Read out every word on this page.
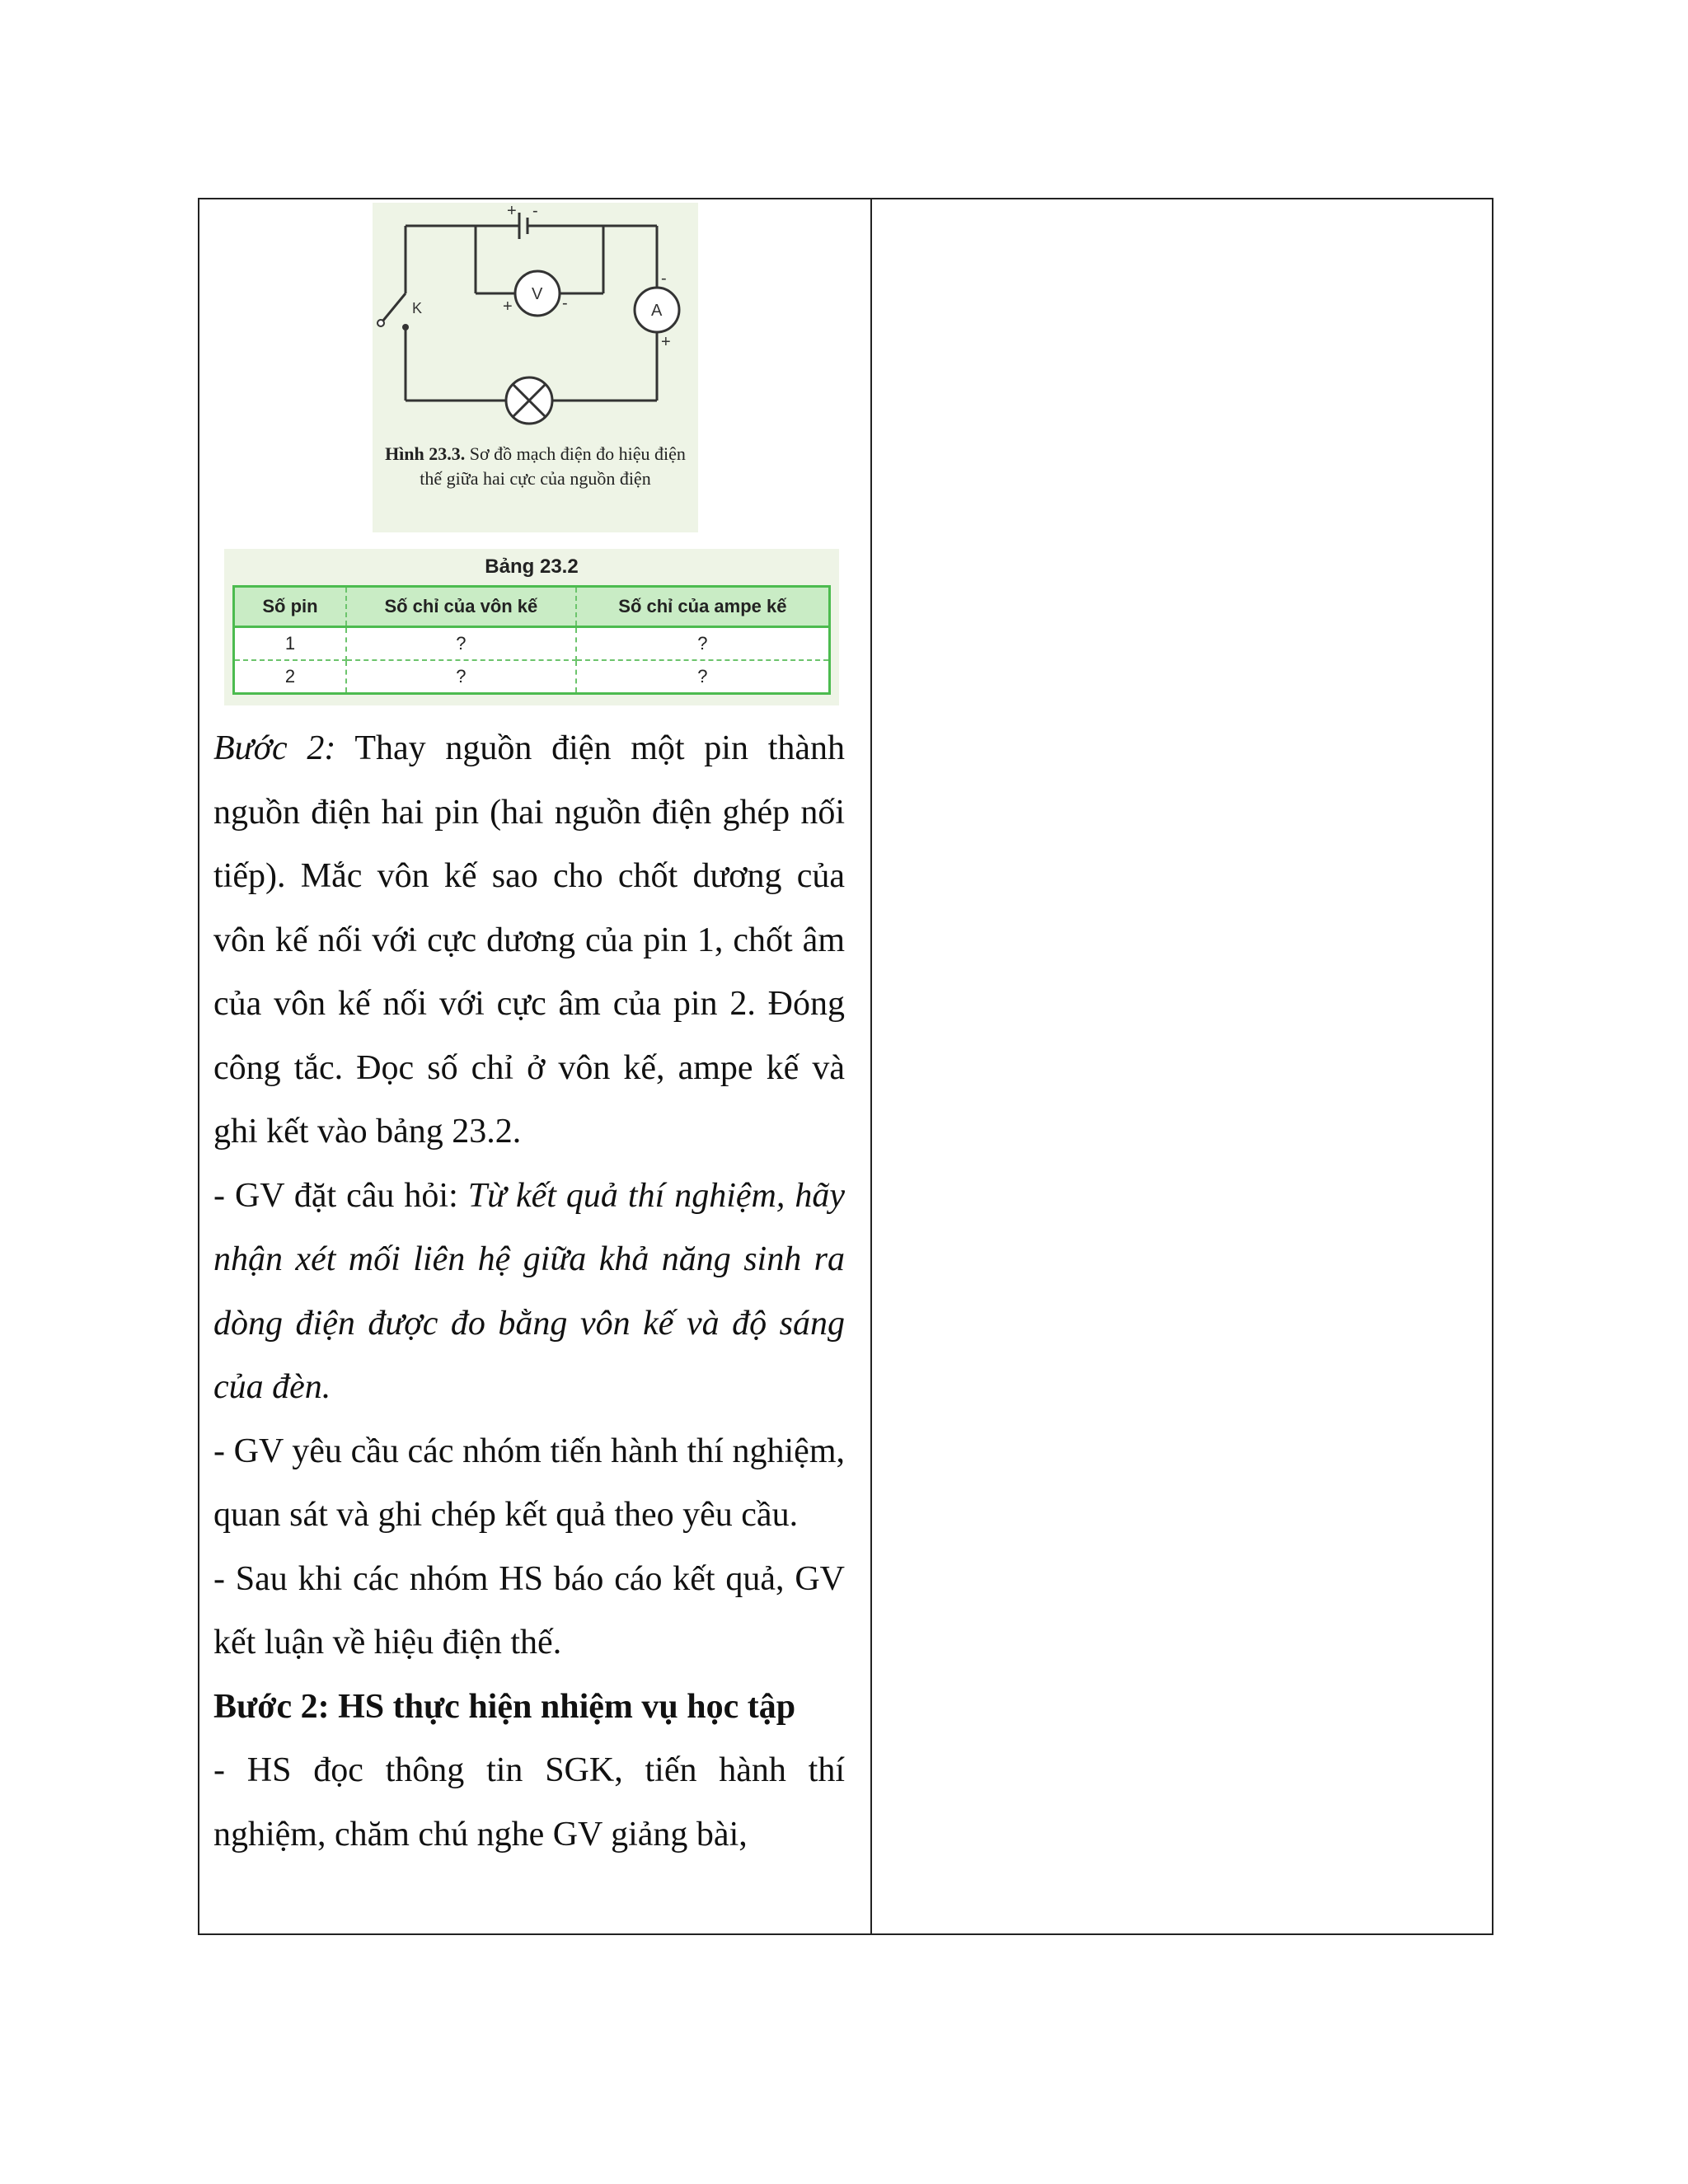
+ -
V
+	-	A
-
+
K
Hình 23.3. Sơ đồ mạch điện đo hiệu điện thế giữa hai cực của nguồn điện
Bảng 23.2
Số pin	Số chỉ của vôn kế	Số chỉ của ampe kế
1	?	?
2	?	?

Bước 2: Thay nguồn điện một pin thành nguồn điện hai pin (hai nguồn điện ghép nối tiếp). Mắc vôn kế sao cho chốt dương của vôn kế nối với cực dương của pin 1, chốt âm của vôn kế nối với cực âm của pin 2. Đóng công tắc. Đọc số chỉ ở vôn kế, ampe kế và ghi kết vào bảng 23.2.

- GV đặt câu hỏi: Từ kết quả thí nghiệm, hãy nhận xét mối liên hệ giữa khả năng sinh ra dòng điện được đo bằng vôn kế và độ sáng của đèn.

- GV yêu cầu các nhóm tiến hành thí nghiệm, quan sát và ghi chép kết quả theo yêu cầu.

- Sau khi các nhóm HS báo cáo kết quả, GV kết luận về hiệu điện thế.

Bước 2: HS thực hiện nhiệm vụ học tập

- HS đọc thông tin SGK, tiến hành thí nghiệm, chăm chú nghe GV giảng bài,
